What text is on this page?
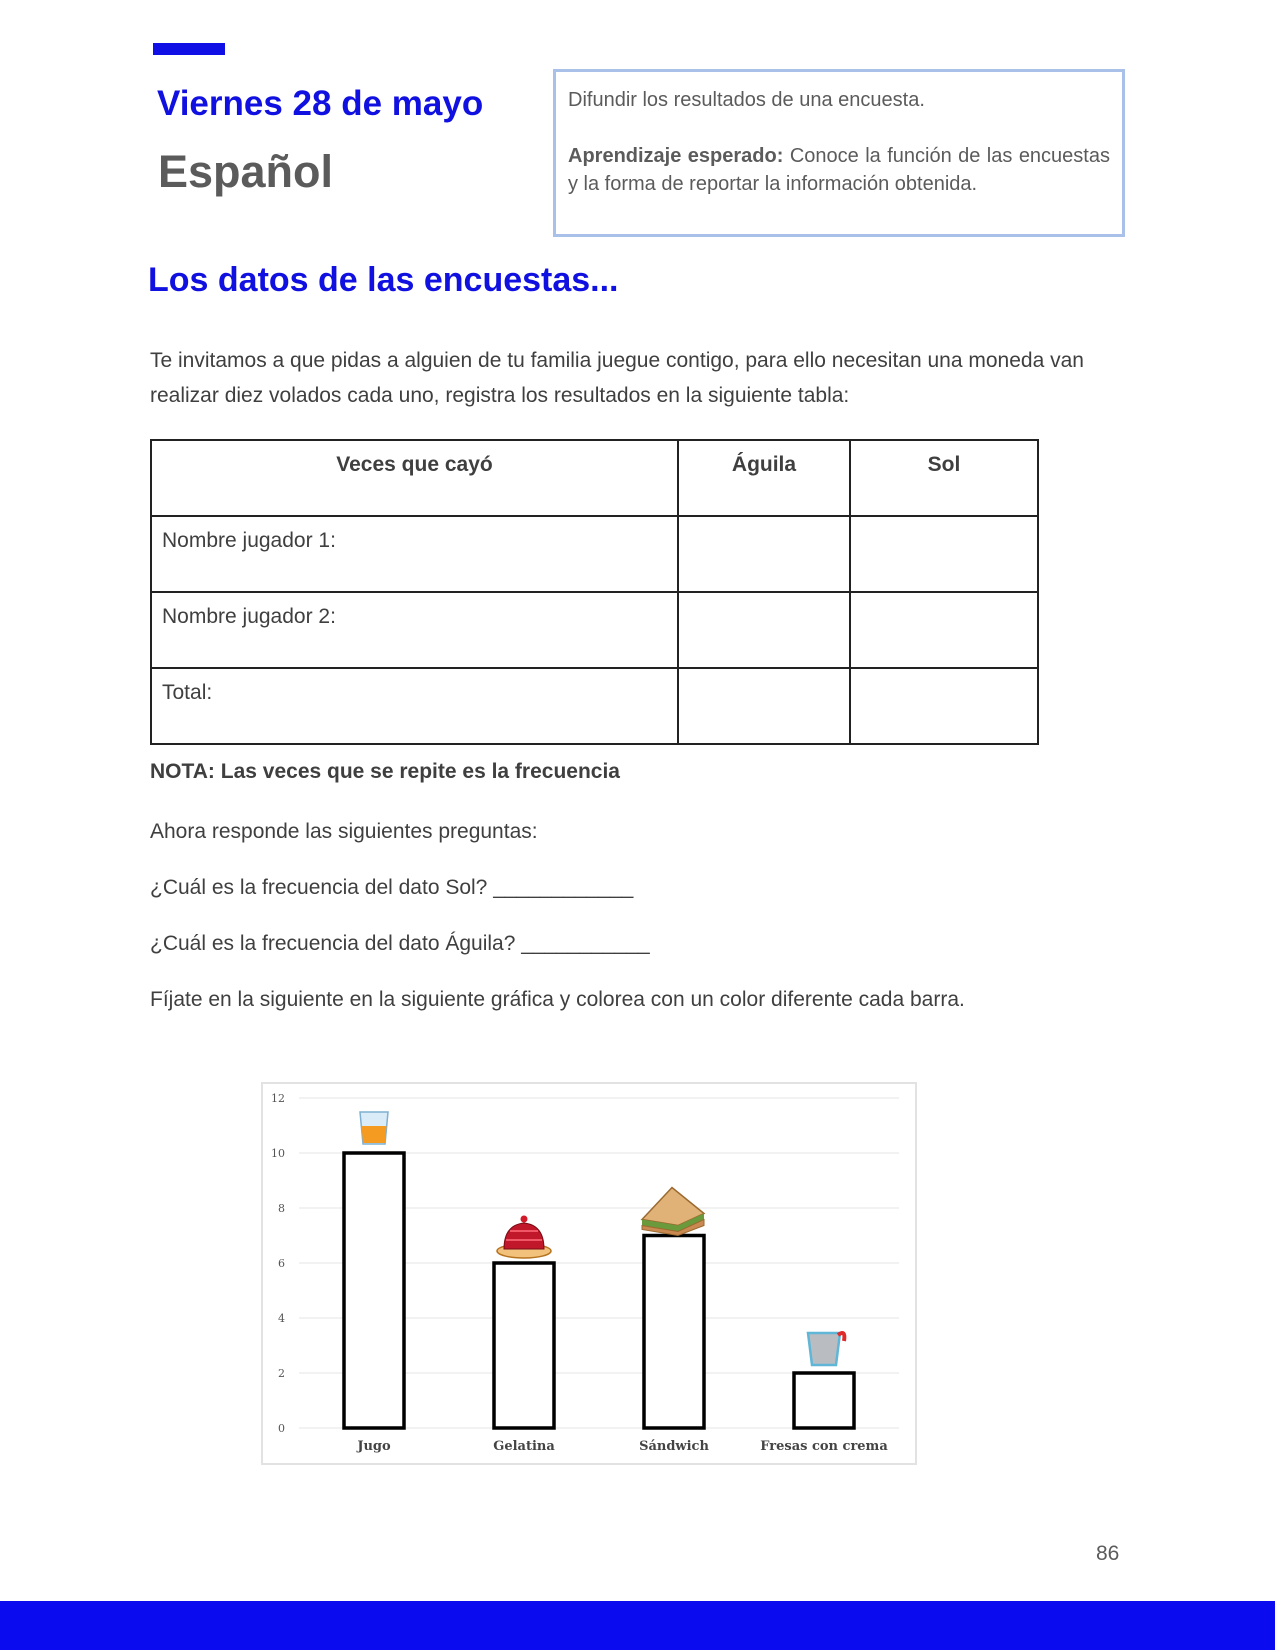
Viernes 28 de mayo
Español

Difundir los resultados de una encuesta.

Aprendizaje esperado: Conoce la función de las encuestas y la forma de reportar la información obtenida.

Los datos de las encuestas...

Te invitamos a que pidas a alguien de tu familia juegue contigo, para ello necesitan una moneda van realizar diez volados cada uno, registra los resultados en la siguiente tabla:

Veces que cayó	Águila	Sol
Nombre jugador 1:		
Nombre jugador 2:		
Total:		

NOTA: Las veces que se repite es la frecuencia

Ahora responde las siguientes preguntas:

¿Cuál es la frecuencia del dato Sol? ____________

¿Cuál es la frecuencia del dato Águila? ___________

Fíjate en la siguiente en la siguiente gráfica y colorea con un color diferente cada barra.

0
2
4
6
8
10
12
Jugo	Gelatina	Sándwich	Fresas con crema

86
